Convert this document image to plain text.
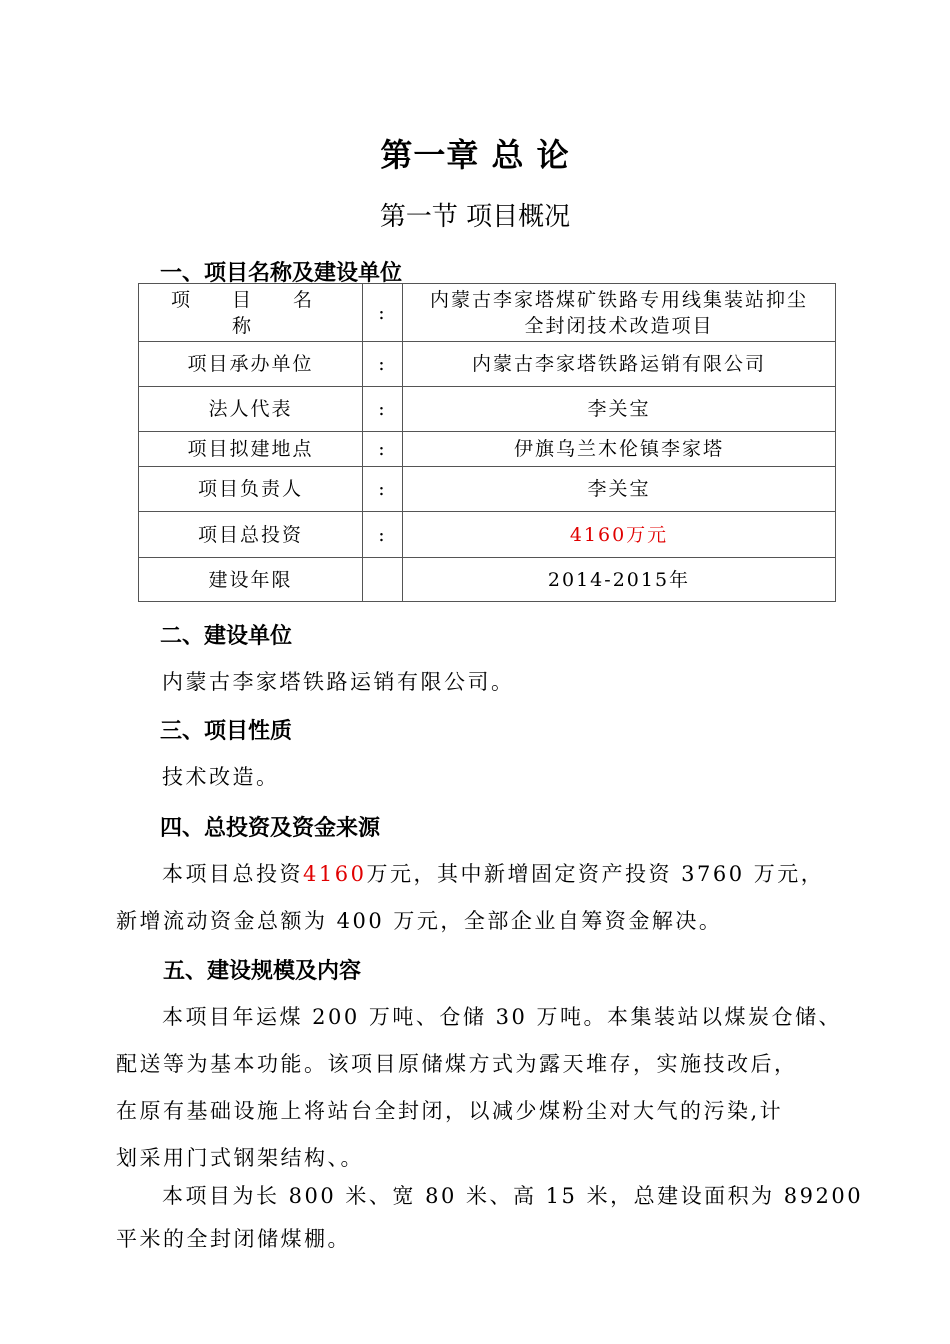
第一章 总 论
第一节 项目概况
一、项目名称及建设单位
项 目 名 称	:	内蒙古李家塔煤矿铁路专用线集装站抑尘
全封闭技术改造项目

项目承办单位	:	内蒙古李家塔铁路运销有限公司
法人代表	:	李关宝
项目拟建地点	:	伊旗乌兰木伦镇李家塔
项目负责人	:	李关宝
项目总投资	:	4160万元
建设年限		2014-2015年
二、建设单位
内蒙古李家塔铁路运销有限公司。
三、项目性质
技术改造。
四、总投资及资金来源
本项目总投资4160万元，其中新增固定资产投资 3760 万元，
新增流动资金总额为 400 万元，全部企业自筹资金解决。
五、建设规模及内容
本项目年运煤 200 万吨、仓储 30 万吨。本集装站以煤炭仓储、
配送等为基本功能。该项目原储煤方式为露天堆存，实施技改后，
在原有基础设施上将站台全封闭，以减少煤粉尘对大气的污染,计
划采用门式钢架结构、。
本项目为长 800 米、宽 80 米、高 15 米，总建设面积为 89200
平米的全封闭储煤棚。
